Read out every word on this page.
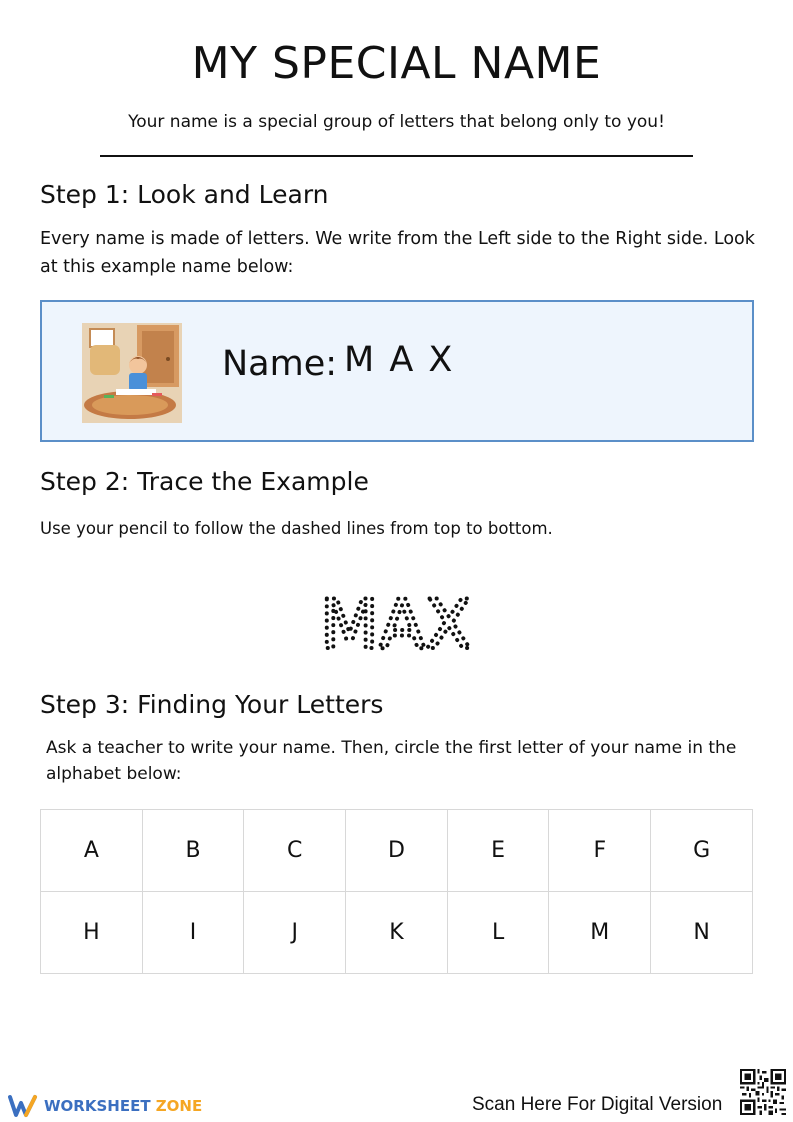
MY SPECIAL NAME
Your name is a special group of letters that belong only to you!
Step 1: Look and Learn
Every name is made of letters. We write from the Left side to the Right side. Look at this example name below:
Name: M A X
Step 2: Trace the Example
Use your pencil to follow the dashed lines from top to bottom.
MAX
Step 3: Finding Your Letters
Ask a teacher to write your name. Then, circle the first letter of your name in the alphabet below:
A	B	C	D	E	F	G
H	I	J	K	L	M	N
WORKSHEET ZONE	Scan Here For Digital Version
